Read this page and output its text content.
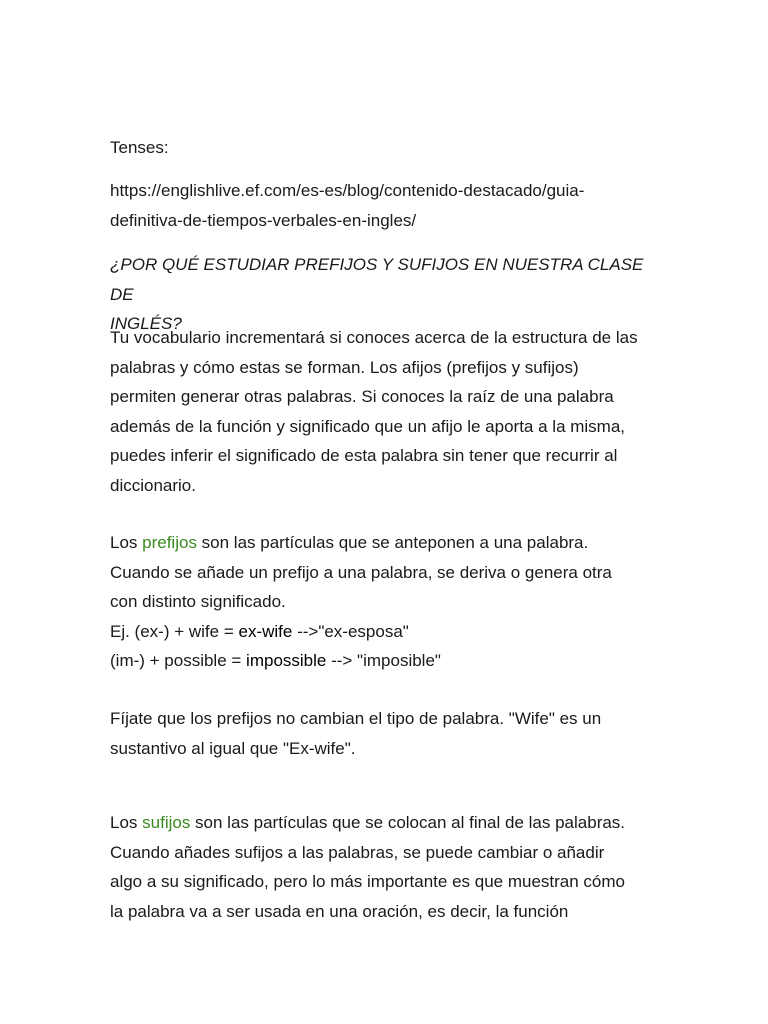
Tenses:

https://englishlive.ef.com/es-es/blog/contenido-destacado/guia-

definitiva-de-tiempos-verbales-en-ingles/

¿POR QUÉ ESTUDIAR PREFIJOS Y SUFIJOS EN NUESTRA CLASE DE

INGLÉS?

Tu vocabulario incrementará si conoces acerca de la estructura de las

palabras y cómo estas se forman. Los afijos (prefijos y sufijos)

permiten generar otras palabras. Si conoces la raíz de una palabra

además de la función y significado que un afijo le aporta a la misma,

puedes inferir el significado de esta palabra sin tener que recurrir al

diccionario.

Los prefijos son las partículas que se anteponen a una palabra.

Cuando se añade un prefijo a una palabra, se deriva o genera otra

con distinto significado.

Ej. (ex-) + wife = ex-wife -->"ex-esposa"

(im-) + possible = impossible --> "imposible"

Fíjate que los prefijos no cambian el tipo de palabra. "Wife" es un

sustantivo al igual que "Ex-wife".

Los sufijos son las partículas que se colocan al final de las palabras.

Cuando añades sufijos a las palabras, se puede cambiar o añadir

algo a su significado, pero lo más importante es que muestran cómo

la palabra va a ser usada en una oración, es decir, la función
